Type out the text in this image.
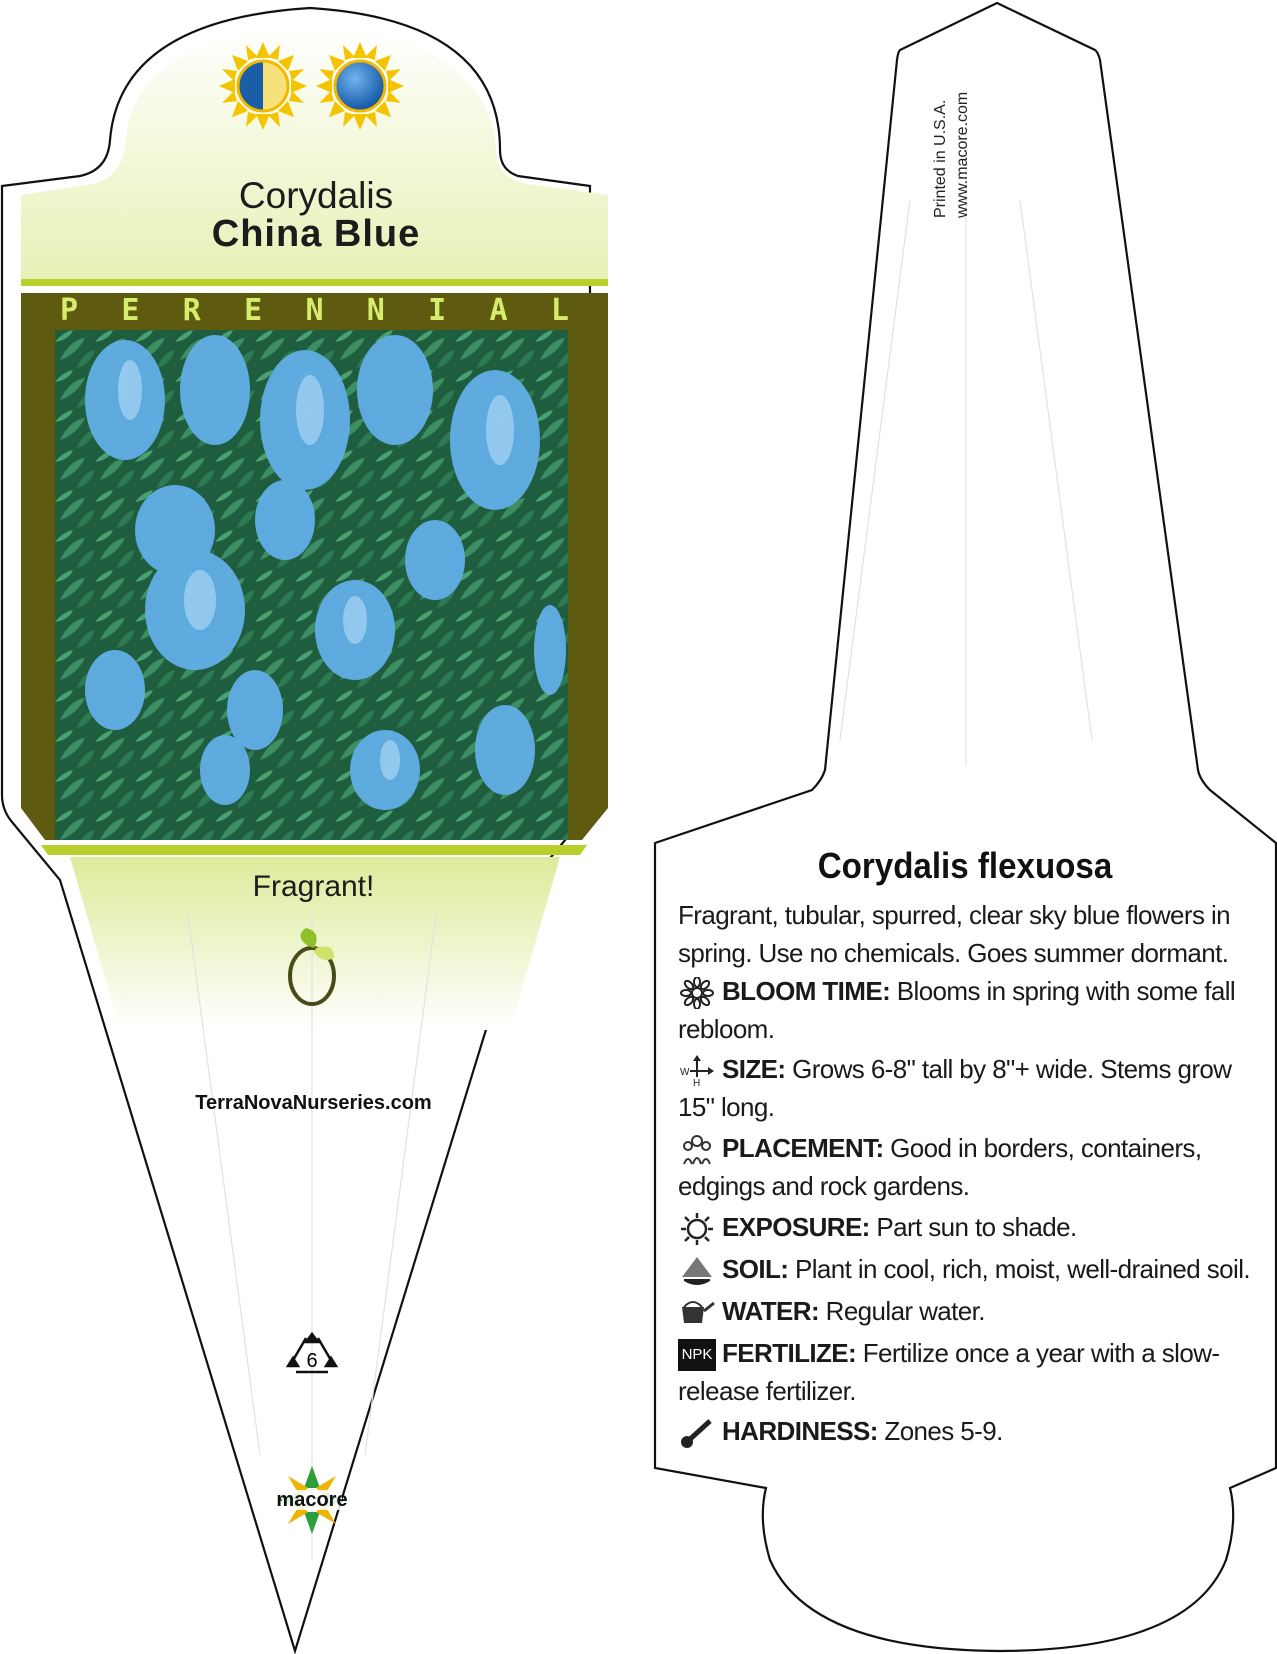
Corydalis
China Blue
P E R E N N I A L
Fragrant!
TerraNovaNurseries.com
6
macore
Printed in U.S.A. www.macore.com
Corydalis flexuosa
Fragrant, tubular, spurred, clear sky blue flowers in spring. Use no chemicals. Goes summer dormant.
BLOOM TIME: Blooms in spring with some fall rebloom.
W
H SIZE: Grows 6-8" tall by 8"+ wide. Stems grow 15" long.
PLACEMENT: Good in borders, containers, edgings and rock gardens.
EXPOSURE: Part sun to shade.
SOIL: Plant in cool, rich, moist, well-drained soil.
WATER: Regular water.
NPK FERTILIZE: Fertilize once a year with a slow-release fertilizer.
HARDINESS: Zones 5-9.
